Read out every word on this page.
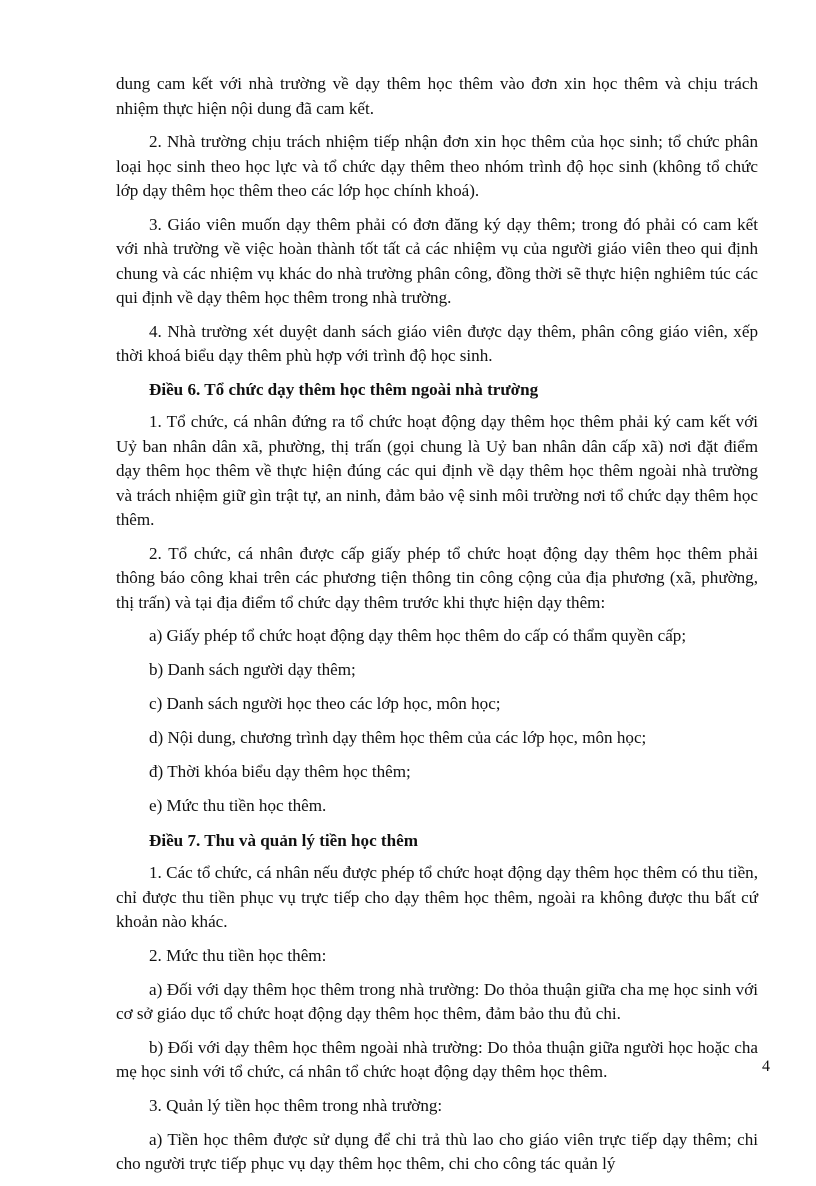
dung cam kết với nhà trường về dạy thêm học thêm vào đơn xin học thêm và chịu trách nhiệm thực hiện nội dung đã cam kết.

2. Nhà trường chịu trách nhiệm tiếp nhận đơn xin học thêm của học sinh; tổ chức phân loại học sinh theo học lực và tổ chức dạy thêm theo nhóm trình độ học sinh (không tổ chức lớp dạy thêm học thêm theo các lớp học chính khoá).

3. Giáo viên muốn dạy thêm phải có đơn đăng ký dạy thêm; trong đó phải có cam kết với nhà trường về việc hoàn thành tốt tất cả các nhiệm vụ của người giáo viên theo qui định chung và các nhiệm vụ khác do nhà trường phân công, đồng thời sẽ thực hiện nghiêm túc các qui định về dạy thêm học thêm trong nhà trường.

4. Nhà trường xét duyệt danh sách giáo viên được dạy thêm, phân công giáo viên, xếp thời khoá biểu dạy thêm phù hợp với trình độ học sinh.

Điều 6. Tổ chức dạy thêm học thêm ngoài nhà trường

1. Tổ chức, cá nhân đứng ra tổ chức hoạt động dạy thêm học thêm phải ký cam kết với Uỷ ban nhân dân xã, phường, thị trấn (gọi chung là Uỷ ban nhân dân cấp xã) nơi đặt điểm dạy thêm học thêm về thực hiện đúng các qui định về dạy thêm học thêm ngoài nhà trường và trách nhiệm giữ gìn trật tự, an ninh, đảm bảo vệ sinh môi trường nơi tổ chức dạy thêm học thêm.

2. Tổ chức, cá nhân được cấp giấy phép tổ chức hoạt động dạy thêm học thêm phải thông báo công khai trên các phương tiện thông tin công cộng của địa phương (xã, phường, thị trấn) và tại địa điểm tổ chức dạy thêm trước khi thực hiện dạy thêm:

a) Giấy phép tổ chức hoạt động dạy thêm học thêm do cấp có thẩm quyền cấp;

b) Danh sách người dạy thêm;

c) Danh sách người học theo các lớp học, môn học;

d) Nội dung, chương trình dạy thêm học thêm của các lớp học, môn học;

đ) Thời khóa biểu dạy thêm học thêm;

e) Mức thu tiền học thêm.

Điều 7. Thu và quản lý tiền học thêm

1. Các tổ chức, cá nhân nếu được phép tổ chức hoạt động dạy thêm học thêm có thu tiền, chỉ được thu tiền phục vụ trực tiếp cho dạy thêm học thêm, ngoài ra không được thu bất cứ khoản nào khác.

2. Mức thu tiền học thêm:

a) Đối với dạy thêm học thêm trong nhà trường: Do thỏa thuận giữa cha mẹ học sinh với cơ sở giáo dục tổ chức hoạt động dạy thêm học thêm, đảm bảo thu đủ chi.

b) Đối với dạy thêm học thêm ngoài nhà trường: Do thỏa thuận giữa người học hoặc cha mẹ học sinh với tổ chức, cá nhân tổ chức hoạt động dạy thêm học thêm.

3. Quản lý tiền học thêm trong nhà trường:

a) Tiền học thêm được sử dụng để chi trả thù lao cho giáo viên trực tiếp dạy thêm; chi cho người trực tiếp phục vụ dạy thêm học thêm, chi cho công tác quản lý

4
